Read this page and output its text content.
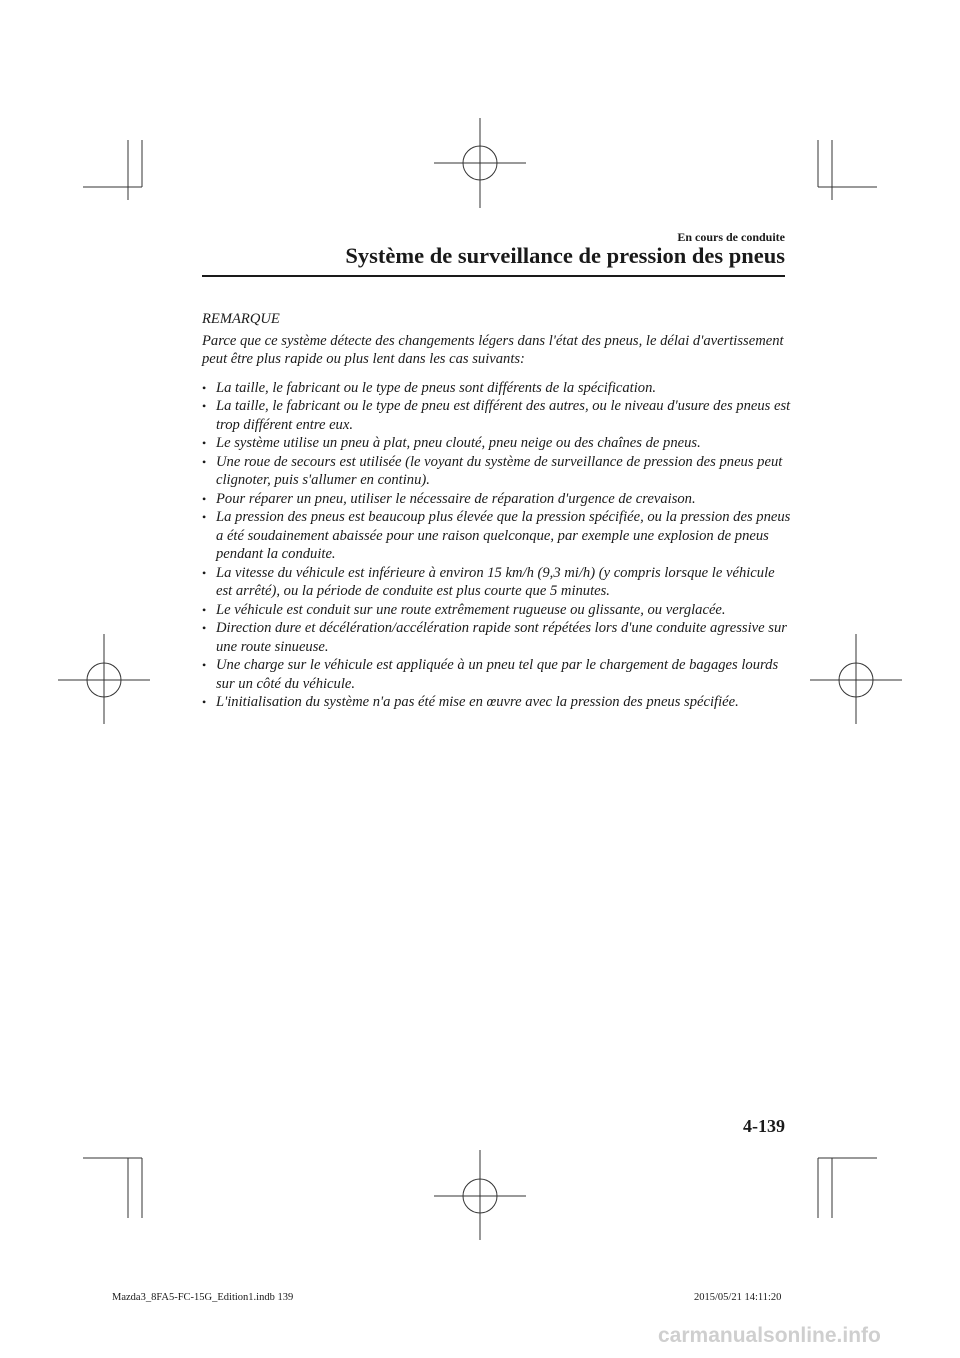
En cours de conduite
Système de surveillance de pression des pneus

REMARQUE

Parce que ce système détecte des changements légers dans l'état des pneus, le délai d'avertissement peut être plus rapide ou plus lent dans les cas suivants:

• La taille, le fabricant ou le type de pneus sont différents de la spécification.
• La taille, le fabricant ou le type de pneu est différent des autres, ou le niveau d'usure des pneus est trop différent entre eux.
• Le système utilise un pneu à plat, pneu clouté, pneu neige ou des chaînes de pneus.
• Une roue de secours est utilisée (le voyant du système de surveillance de pression des pneus peut clignoter, puis s'allumer en continu).
• Pour réparer un pneu, utiliser le nécessaire de réparation d'urgence de crevaison.
• La pression des pneus est beaucoup plus élevée que la pression spécifiée, ou la pression des pneus a été soudainement abaissée pour une raison quelconque, par exemple une explosion de pneus pendant la conduite.
• La vitesse du véhicule est inférieure à environ 15 km/h (9,3 mi/h) (y compris lorsque le véhicule est arrêté), ou la période de conduite est plus courte que 5 minutes.
• Le véhicule est conduit sur une route extrêmement rugueuse ou glissante, ou verglacée.
• Direction dure et décélération/accélération rapide sont répétées lors d'une conduite agressive sur une route sinueuse.
• Une charge sur le véhicule est appliquée à un pneu tel que par le chargement de bagages lourds sur un côté du véhicule.
• L'initialisation du système n'a pas été mise en œuvre avec la pression des pneus spécifiée.
4-139
Mazda3_8FA5-FC-15G_Edition1.indb 139	2015/05/21 14:11:20
carmanualsonline.info
